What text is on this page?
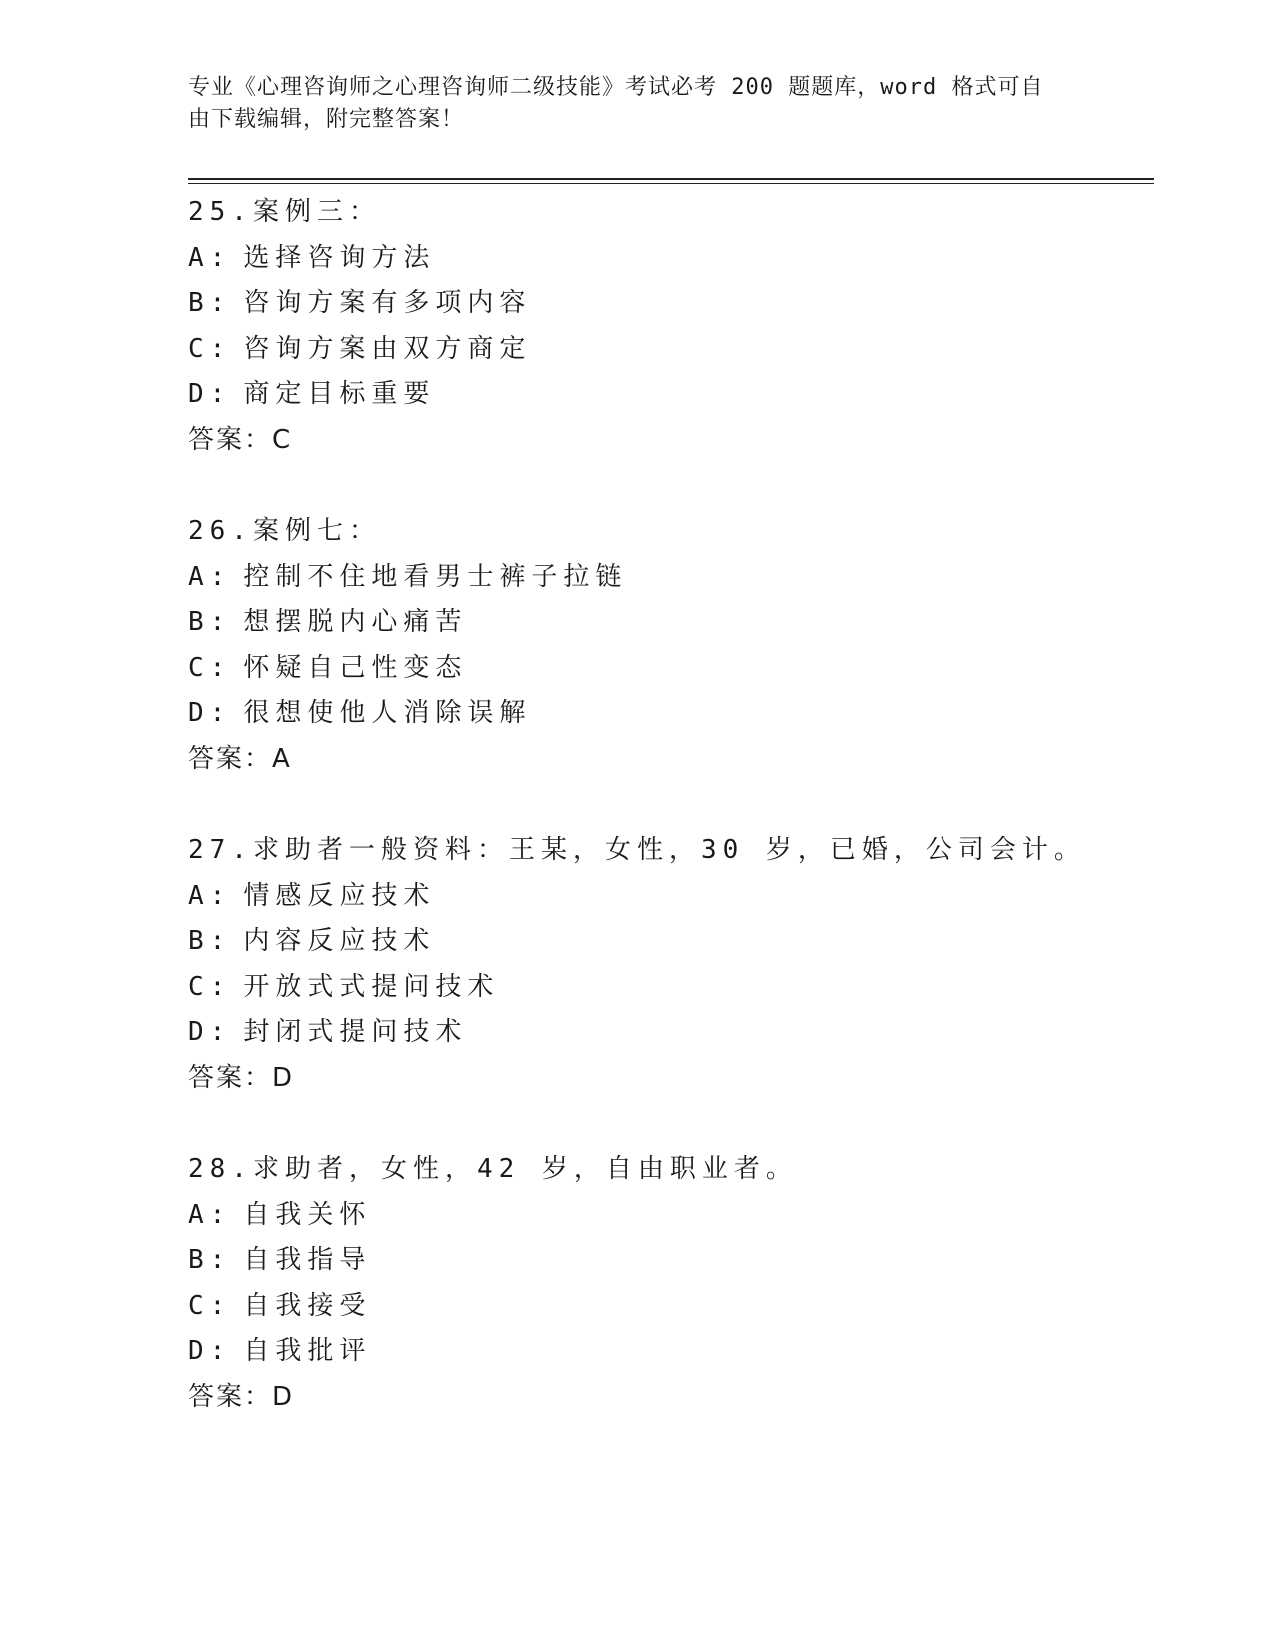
专业《心理咨询师之心理咨询师二级技能》考试必考 200 题题库，word 格式可自
由下载编辑，附完整答案！
25.案例三：
A: 选择咨询方法
B: 咨询方案有多项内容
C: 咨询方案由双方商定
D: 商定目标重要
答案：C
26.案例七：
A: 控制不住地看男士裤子拉链
B: 想摆脱内心痛苦
C: 怀疑自己性变态
D: 很想使他人消除误解
答案：A
27.求助者一般资料：王某，女性，30 岁，已婚，公司会计。
A: 情感反应技术
B: 内容反应技术
C: 开放式式提问技术
D: 封闭式提问技术
答案：D
28.求助者，女性，42 岁，自由职业者。
A: 自我关怀
B: 自我指导
C: 自我接受
D: 自我批评
答案：D
